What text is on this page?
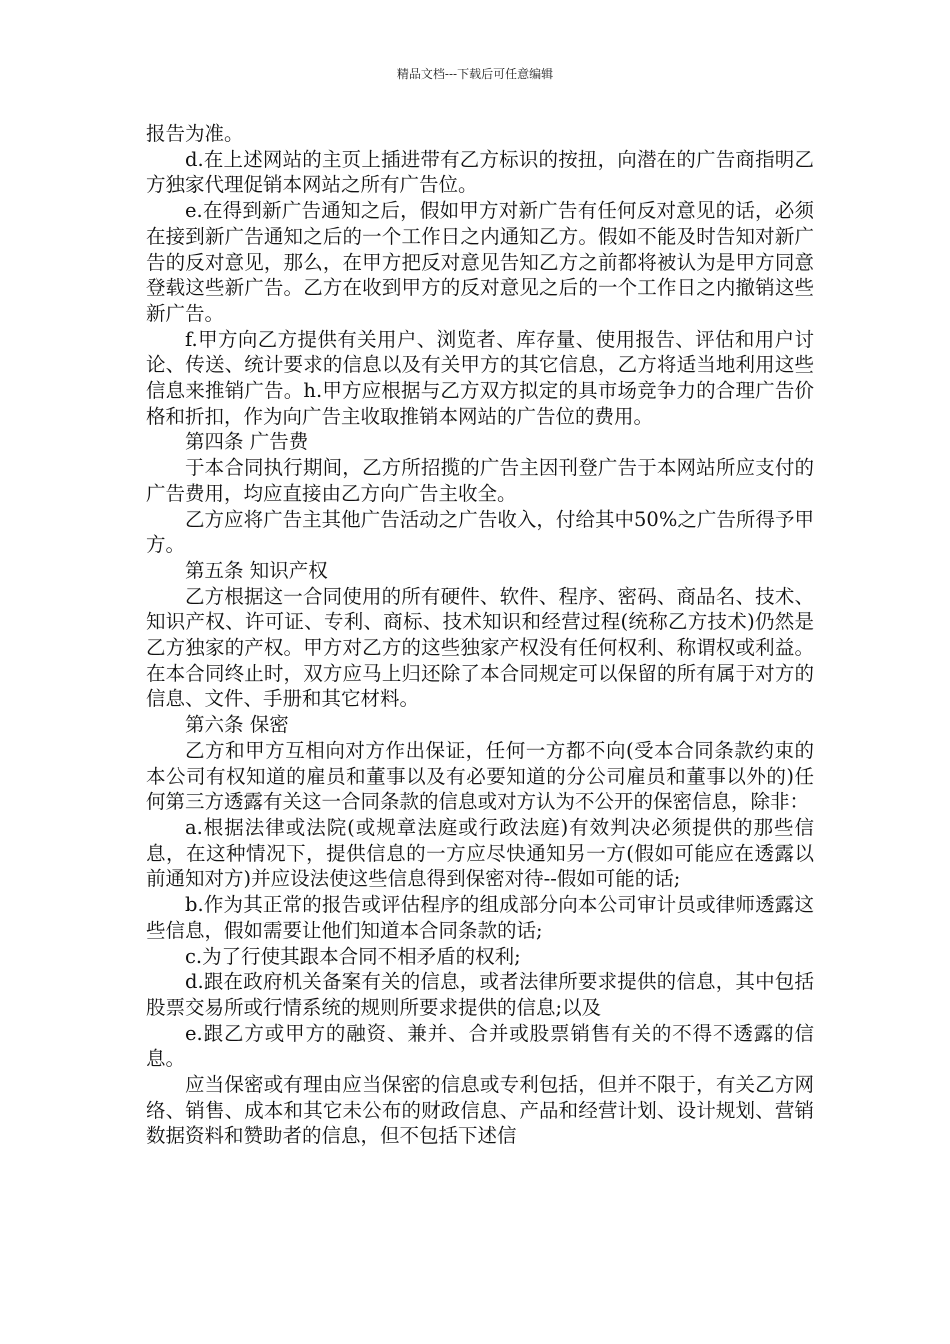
精品文档---下载后可任意编辑

报告为准。

d.在上述网站的主页上插进带有乙方标识的按扭，向潜在的广告商指明乙方独家代理促销本网站之所有广告位。

e.在得到新广告通知之后，假如甲方对新广告有任何反对意见的话，必须在接到新广告通知之后的一个工作日之内通知乙方。假如不能及时告知对新广告的反对意见，那么，在甲方把反对意见告知乙方之前都将被认为是甲方同意登载这些新广告。乙方在收到甲方的反对意见之后的一个工作日之内撤销这些新广告。

f.甲方向乙方提供有关用户、浏览者、库存量、使用报告、评估和用户讨论、传送、统计要求的信息以及有关甲方的其它信息，乙方将适当地利用这些信息来推销广告。h.甲方应根据与乙方双方拟定的具市场竞争力的合理广告价格和折扣，作为向广告主收取推销本网站的广告位的费用。

第四条 广告费

于本合同执行期间，乙方所招揽的广告主因刊登广告于本网站所应支付的广告费用，均应直接由乙方向广告主收全。

乙方应将广告主其他广告活动之广告收入，付给其中50%之广告所得予甲方。

第五条 知识产权

乙方根据这一合同使用的所有硬件、软件、程序、密码、商品名、技术、知识产权、许可证、专利、商标、技术知识和经营过程(统称乙方技术)仍然是乙方独家的产权。甲方对乙方的这些独家产权没有任何权利、称谓权或利益。在本合同终止时，双方应马上归还除了本合同规定可以保留的所有属于对方的信息、文件、手册和其它材料。

第六条 保密

乙方和甲方互相向对方作出保证，任何一方都不向(受本合同条款约束的本公司有权知道的雇员和董事以及有必要知道的分公司雇员和董事以外的)任何第三方透露有关这一合同条款的信息或对方认为不公开的保密信息，除非：

a.根据法律或法院(或规章法庭或行政法庭)有效判决必须提供的那些信息，在这种情况下，提供信息的一方应尽快通知另一方(假如可能应在透露以前通知对方)并应设法使这些信息得到保密对待--假如可能的话;

b.作为其正常的报告或评估程序的组成部分向本公司审计员或律师透露这些信息，假如需要让他们知道本合同条款的话;

c.为了行使其跟本合同不相矛盾的权利;

d.跟在政府机关备案有关的信息，或者法律所要求提供的信息，其中包括股票交易所或行情系统的规则所要求提供的信息;以及

e.跟乙方或甲方的融资、兼并、合并或股票销售有关的不得不透露的信息。

应当保密或有理由应当保密的信息或专利包括，但并不限于，有关乙方网络、销售、成本和其它未公布的财政信息、产品和经营计划、设计规划、营销数据资料和赞助者的信息，但不包括下述信
